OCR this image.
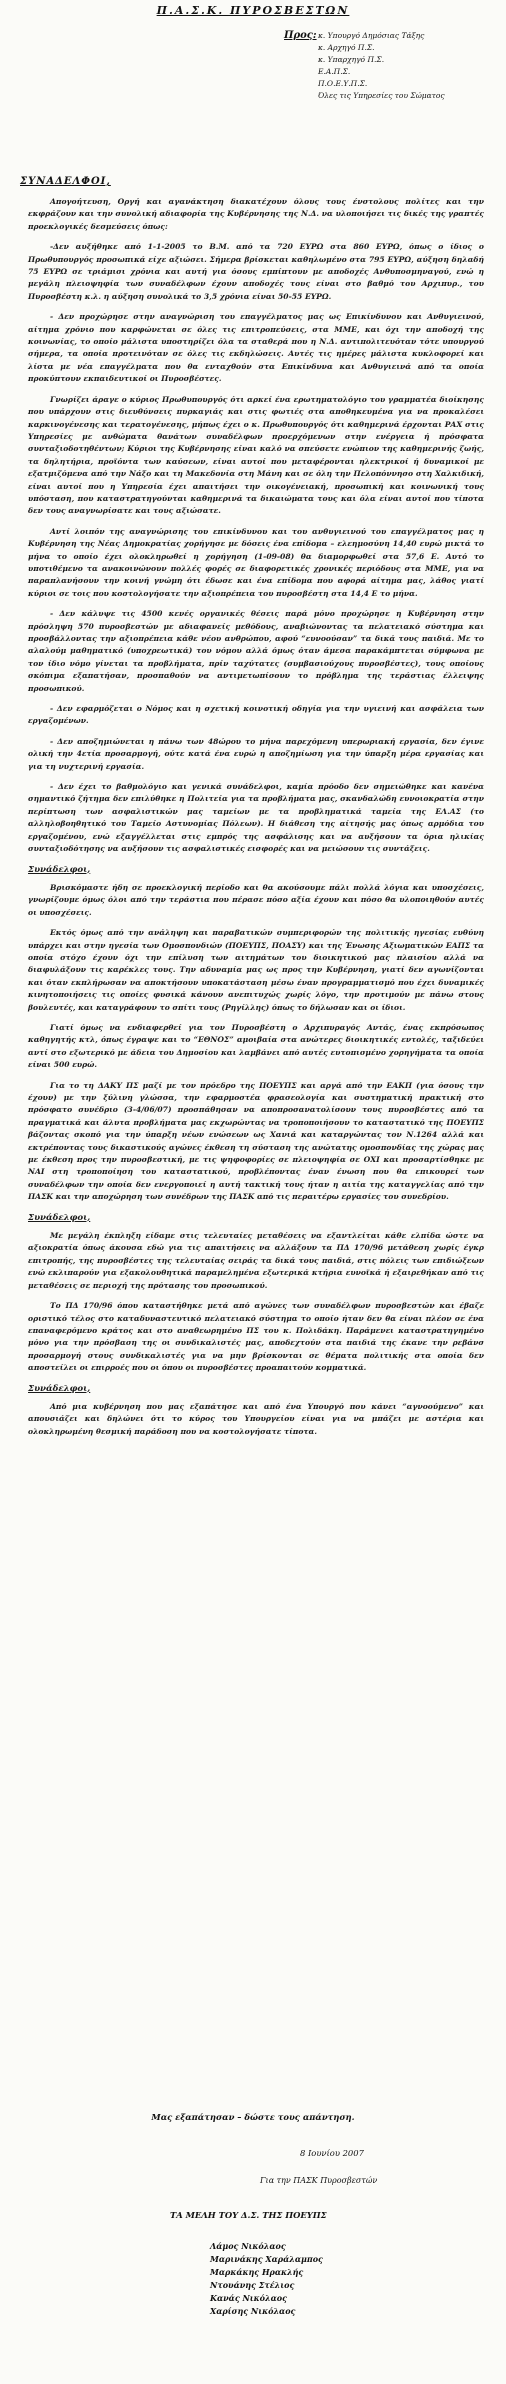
Π.Α.Σ.Κ. ΠΥΡΟΣΒΕΣΤΩΝ
Προς: κ. Υπουργό Δημόσιας Τάξης
κ. Αρχηγό Π.Σ.
κ. Υπαρχηγό Π.Σ.
Ε.Α.Π.Σ.
Π.Ο.Ε.Υ.Π.Σ.
Όλες τις Υπηρεσίες του Σώματος
ΣΥΝΑΔΕΛΦΟΙ,

Απογοήτευση, Οργή και αγανάκτηση διακατέχουν όλους τους ένστολους πολίτες και την εκφράζουν και την συνολική αδιαφορία της Κυβέρνησης της Ν.Δ. να υλοποιήσει τις δικές της γραπτές προεκλογικές δεσμεύσεις όπως:

-Δεν αυξήθηκε από 1-1-2005 το Β.Μ. από τα 720 ΕΥΡΩ στα 860 ΕΥΡΩ, όπως ο ίδιος ο Πρωθυπουργός προσωπικά είχε αξιώσει. Σήμερα βρίσκεται καθηλωμένο στα 795 ΕΥΡΩ, αύξηση δηλαδή 75 ΕΥΡΩ σε τριάμισι χρόνια και αυτή για όσους εμπίπτουν με αποδοχές Ανθυποσμηναγού, ενώ η μεγάλη πλειοψηφία των συναδέλφων έχουν αποδοχές τους είναι στο βαθμό του Αρχιπυρ., του Πυροσβέστη κ.λ. η αύξηση συνολικά το 3,5 χρόνια είναι 50-55 ΕΥΡΩ.

- Δεν προχώρησε στην αναγνώριση του επαγγέλματος μας ως Επικίνδυνου και Ανθυγιεινού, αίτημα χρόνιο που καρφώνεται σε όλες τις επιτροπεύσεις, στα ΜΜΕ, και όχι την αποδοχή της κοινωνίας, το οποίο μάλιστα υποστηρίζει όλα τα σταθερά που η Ν.Δ. αντιπολιτευόταν τότε υπουργού σήμερα, τα οποία προτεινόταν σε όλες τις εκδηλώσεις. Αυτές τις ημέρες μάλιστα κυκλοφορεί και λίστα με νέα επαγγέλματα που θα ενταχθούν στα Επικίνδυνα και Ανθυγιεινά από τα οποία προκύπτουν εκπαιδευτικοί οι Πυροσβέστες.

Γνωρίζει άραγε ο κύριος Πρωθυπουργός ότι αρκεί ένα ερωτηματολόγιο του γραμματέα διοίκησης που υπάρχουν στις διευθύνσεις πυρκαγιάς και στις φωτιές στα αποθηκευμένα για να προκαλέσει καρκινογένεσης και τερατογένεσης, μήπως έχει ο κ. Πρωθυπουργός ότι καθημερινά έρχονται ΡΑΧ στις Υπηρεσίες με ανθώματα θανάτων συναδέλφων προερχόμενων στην ενέργεια ή πρόσφατα συνταξιοδοτηθέντων; Κύριοι της Κυβέρνησης είναι καλό να σπεύσετε ενώπιον της καθημερινής ζωής, τα δηλητήρια, προϊόντα των καύσεων, είναι αυτοί που μεταφέρονται ηλεκτρικοί ή δυναμικοί με εξατμιζόμενα από την Νάξο και τη Μακεδονία στη Μάνη και σε όλη την Πελοπόννησο στη Χαλκιδική, είναι αυτοί που η Υπηρεσία έχει απαιτήσει την οικογένειακή, προσωπική και κοινωνική τους υπόσταση, που καταστρατηγούνται καθημερινά τα δικαιώματα τους και όλα είναι αυτοί που τίποτα δεν τους αναγνωρίσατε και τους αξιώσατε.

Αντί λοιπόν της αναγνώρισης του επικίνδυνου και του ανθυγιεινού του επαγγέλματος μας η Κυβέρνηση της Νέας Δημοκρατίας χορήγησε με δόσεις ένα επίδομα – ελεημοσύνη 14,40 ευρώ μικτά το μήνα το οποίο έχει ολοκληρωθεί η χορήγηση (1-09-08) θα διαμορφωθεί στα 57,6 Ε. Αυτό το υποτιθέμενο τα ανακοινώνουν πολλές φορές σε διαφορετικές χρονικές περιόδους στα ΜΜΕ, για να παραπλανήσουν την κοινή γνώμη ότι έδωσε και ένα επίδομα που αφορά αίτημα μας, λάθος γιατί κύριοι σε τοις που κοστολογήσατε την αξιοπρέπεια του πυροσβέστη στα 14,4 Ε το μήνα.

- Δεν κάλυψε τις 4500 κενές οργανικές θέσεις παρά μόνο προχώρησε η Κυβέρνηση στην πρόσληψη 570 πυροσβεστών με αδιαφανείς μεθόδους, αναβιώνοντας τα πελατειακό σύστημα και προσβάλλοντας την αξιοπρέπεια κάθε νέου ανθρώπου, αφού “ευνοούσαν” τα δικά τους παιδιά. Με το αλαλούμ μαθηματικό (υποχρεωτικά) του νόμου αλλά όμως όταν άμεσα παρακάμπτεται σύμφωνα με τον ίδιο νόμο γίνεται τα προβλήματα, πρίν ταχύτατες (συμβασιούχους πυροσβέστες), τους οποίους σκόπιμα εξαπατήσαν, προσπαθούν να αντιμετωπίσουν το πρόβλημα της τεράστιας έλλειψης προσωπικού.

- Δεν εφαρμόζεται ο Νόμος και η σχετική κοινοτική οδηγία για την υγιεινή και ασφάλεια των εργαζομένων.

- Δεν αποζημιώνεται η πάνω των 48ώρου το μήνα παρεχόμενη υπερωριακή εργασία, δεν έγινε ολική την 4ετία προσαρμογή, ούτε κατά ένα ευρώ η αποζημίωση για την ύπαρξη μέρα εργασίας και για τη νυχτερινή εργασία.

- Δεν έχει το βαθμολόγιο και γενικά συνάδελφοι, καμία πρόοδο δεν σημειώθηκε και κανένα σημαντικό ζήτημα δεν επιλύθηκε η Πολιτεία για τα προβλήματα μας, σκανδαλώδη ευνοιοκρατία στην περίπτωση των ασφαλιστικών μας ταμείων με τα προβληματικά ταμεία της ΕΛ.ΑΣ (το αλληλοβοηθητικό του Ταμείο Αστυνομίας Πόλεων). Η διάθεση της αίτησής μας όπως αρμόδια του εργαζομένου, ενώ εξαγγέλλεται στις εμπρός της ασφάλισης και να αυξήσουν τα όρια ηλικίας συνταξιοδότησης να αυξήσουν τις ασφαλιστικές εισφορές και να μειώσουν τις συντάξεις.

Συνάδελφοι,

Βρισκόμαστε ήδη σε προεκλογική περίοδο και θα ακούσουμε πάλι πολλά λόγια και υποσχέσεις, γνωρίζουμε όμως όλοι από την τεράστια που πέρασε πόσο αξία έχουν και πόσο θα υλοποιηθούν αυτές οι υποσχέσεις.

Εκτός όμως από την ανάληψη και παραβατικών συμπεριφορών της πολιτικής ηγεσίας ευθύνη υπάρχει και στην ηγεσία των Ομοσπονδιών (ΠΟΕΥΠΣ, ΠΟΑΣΥ) και της Ένωσης Αξιωματικών ΕΑΠΣ τα οποία στόχο έχουν όχι την επίλυση των αιτημάτων του διοικητικού μας πλαισίου αλλά να διαφυλάξουν τις καρέκλες τους. Την αδυναμία μας ως προς την Κυβέρνηση, γιατί δεν αγωνίζονται και όταν εκπλήρωσαν να αποκτήσουν υποκατάσταση μέσω έναν προγραμματισμό που έχει δυναμικές κινητοποιήσεις τις οποίες φυσικά κάνουν ανεπιτυχώς χωρίς λόγο, την προτιμούν με πάνω στους βουλευτές, και καταγράφουν το σπίτι τους (Ρηγίλλης) όπως το δήλωσαν και οι ίδιοι.

Γιατί όμως να ενδιαφερθεί για τον Πυροσβέστη ο Αρχιπυραγός Αντάς, ένας εκπρόσωπος καθηγητής κτλ, όπως έγραψε και το “ΕΘΝΟΣ” αμοιβαία στα ανώτερες διοικητικές εντολές, ταξιδεύει αντί στο εξωτερικό με άδεια του Δημοσίου και λαμβάνει από αυτές ευτοπισμένο χορηγήματα τα οποία είναι 500 ευρώ.

Για το τη ΔΑΚΥ ΠΣ μαζί με τον πρόεδρο της ΠΟΕΥΠΣ και αργά από την ΕΑΚΠ (για όσους την έχουν) με την ξύλινη γλώσσα, την εφαρμοστέα φρασεολογία και συστηματική πρακτική στο πρόσφατο συνέδριο (3-4/06/07) προσπάθησαν να αποπροσανατολίσουν τους πυροσβέστες από τα πραγματικά και άλυτα προβλήματα μας εκχωρώντας να τροποποιήσουν το καταστατικό της ΠΟΕΥΠΣ βάζοντας σκοπό για την ύπαρξη νέων ενώσεων ως Χανιά και καταργώντας τον Ν.1264 αλλά και εκτρέποντας τους δικαστικούς αγώνες έκθεση τη σύσταση της ανώτατης ομοσπονδίας της χώρας μας με έκθεση προς την πυροσβεστική, με τις ψηφοφορίες σε πλειοψηφία σε ΟΧΙ και προσαρτίσθηκε με ΝΑΙ στη τροποποίηση του καταστατικού, προβλέποντας έναν ένωση που θα επικουρεί των συναδέλφων την οποία δεν ενεργοποιεί η αυτή τακτική τους ήταν η αιτία της καταγγελίας από την ΠΑΣΚ και την αποχώρηση των συνέδρων της ΠΑΣΚ από τις περαιτέρω εργασίες του συνεδρίου.

Συνάδελφοι,

Με μεγάλη έκπληξη είδαμε στις τελευταίες μεταθέσεις να εξαντλείται κάθε ελπίδα ώστε να αξιοκρατία όπως άκουσα εδώ για τις απαιτήσεις να αλλάξουν τα ΠΔ 170/96 μετάθεση χωρίς έγκρ επιτροπής, της πυροσβέστες της τελευταίας σειράς τα δικά τους παιδιά, στις πόλεις των επιδιώξεων ενώ εκλιπαρούν για εξακολουθητικά παραμελημένα εξωτερικά κτήρια ευνοϊκά ή εξαιρεθήκαν από τις μεταθέσεις σε περιοχή της πρότασης του προσωπικού.

Το ΠΔ 170/96 όπου καταστήθηκε μετά από αγώνες των συναδέλφων πυροσβεστών και έβαζε οριστικό τέλος στο καταδυναστευτικό πελατειακό σύστημα το οποίο ήταν δεν θα είναι πλέον σε ένα επαναφερόμενο κράτος και στο αναθεωρημένο ΠΣ του κ. Πολιδάκη. Παράμενει καταστρατηγημένο μόνο για την πρόσβαση της οι συνδικαλιστές μας, αποδεχτούν στα παιδιά της έκανε την ρεβάνσ προσαρμογή στους συνδικαλιστές για να μην βρίσκονται σε θέματα πολιτικής στα οποία δεν αποστείλει οι επιρροές που οι όπου οι πυροσβέστες προαπαιτούν κομματικά.

Συνάδελφοι,

Από μια κυβέρνηση που μας εξαπάτησε και από ένα Υπουργό που κάνει “αγνοούμενο” και απουσιάζει και δηλώνει ότι το κύρος του Υπουργείου είναι για να μπάζει με αστέρια και ολοκληρωμένη θεσμική παράδοση που να κοστολογήσατε τίποτα.

Μας εξαπάτησαν – δώστε τους απάντηση.
8 Ιουνίου 2007
Για την ΠΑΣΚ Πυροσβεστών
ΤΑ ΜΕΛΗ ΤΟΥ Δ.Σ. ΤΗΣ ΠΟΕΥΠΣ
Λάμος Νικόλαος
Μαρινάκης Χαράλαμπος
Μαρκάκης Ηρακλής
Ντουάνης Στέλιος
Κανάς Νικόλαος
Χαρίσης Νικόλαος
